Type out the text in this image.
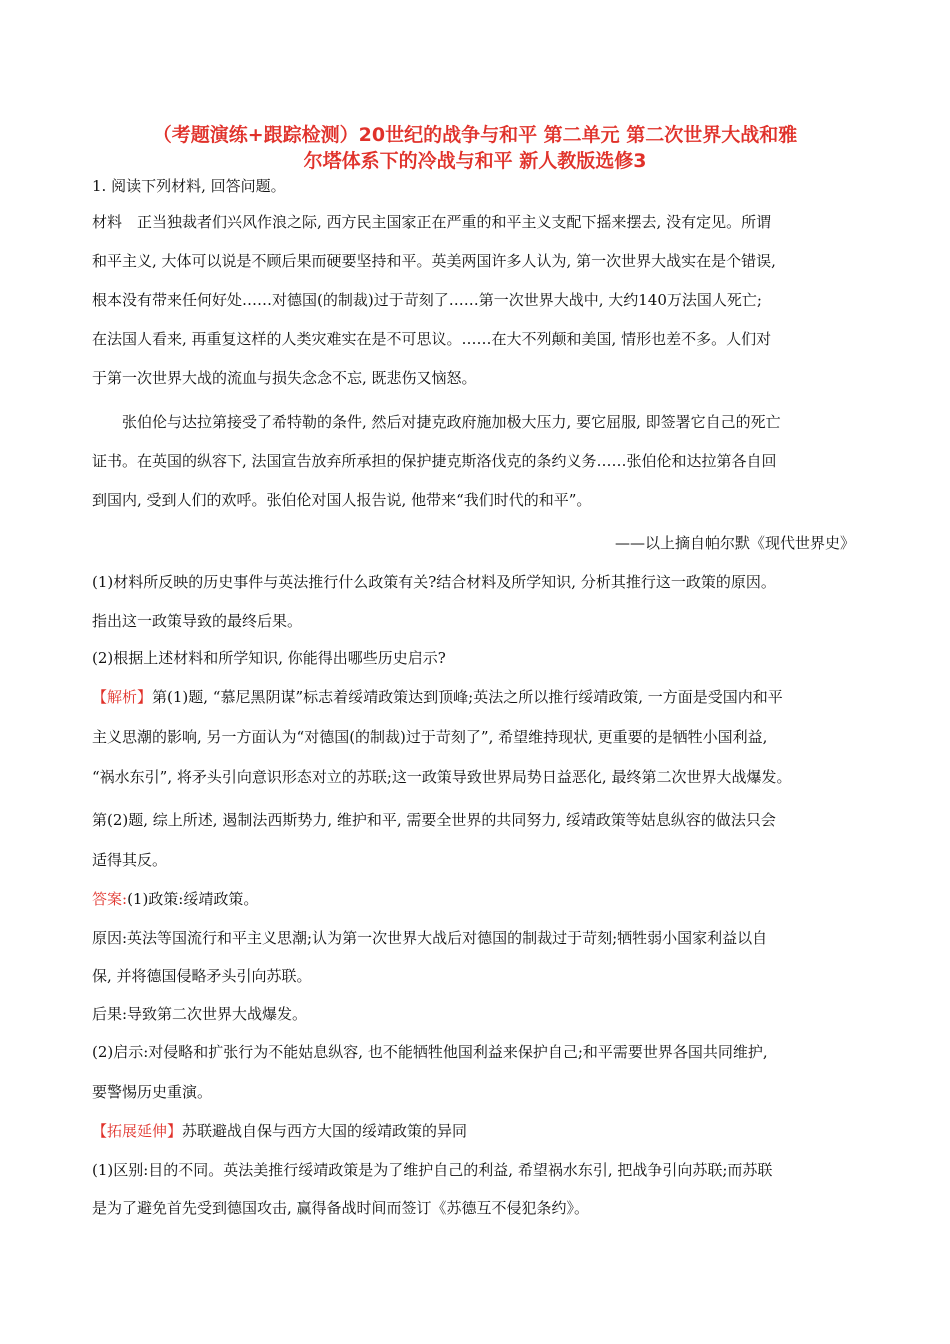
（考题演练+跟踪检测）20世纪的战争与和平 第二单元 第二次世界大战和雅
尔塔体系下的冷战与和平 新人教版选修3
1. 阅读下列材料, 回答问题。
材料　正当独裁者们兴风作浪之际, 西方民主国家正在严重的和平主义支配下摇来摆去, 没有定见。所谓
和平主义, 大体可以说是不顾后果而硬要坚持和平。英美两国许多人认为, 第一次世界大战实在是个错误,
根本没有带来任何好处……对德国(的制裁)过于苛刻了……第一次世界大战中, 大约140万法国人死亡;
在法国人看来, 再重复这样的人类灾难实在是不可思议。……在大不列颠和美国, 情形也差不多。人们对
于第一次世界大战的流血与损失念念不忘, 既悲伤又恼怒。
张伯伦与达拉第接受了希特勒的条件, 然后对捷克政府施加极大压力, 要它屈服, 即签署它自己的死亡
证书。在英国的纵容下, 法国宣告放弃所承担的保护捷克斯洛伐克的条约义务……张伯伦和达拉第各自回
到国内, 受到人们的欢呼。张伯伦对国人报告说, 他带来“我们时代的和平”。
——以上摘自帕尔默《现代世界史》
(1)材料所反映的历史事件与英法推行什么政策有关?结合材料及所学知识, 分析其推行这一政策的原因。
指出这一政策导致的最终后果。
(2)根据上述材料和所学知识, 你能得出哪些历史启示?
【解析】第(1)题, “慕尼黑阴谋”标志着绥靖政策达到顶峰;英法之所以推行绥靖政策, 一方面是受国内和平
主义思潮的影响, 另一方面认为“对德国(的制裁)过于苛刻了”, 希望维持现状, 更重要的是牺牲小国利益,
“祸水东引”, 将矛头引向意识形态对立的苏联;这一政策导致世界局势日益恶化, 最终第二次世界大战爆发。
第(2)题, 综上所述, 遏制法西斯势力, 维护和平, 需要全世界的共同努力, 绥靖政策等姑息纵容的做法只会
适得其反。
答案:(1)政策:绥靖政策。
原因:英法等国流行和平主义思潮;认为第一次世界大战后对德国的制裁过于苛刻;牺牲弱小国家利益以自
保, 并将德国侵略矛头引向苏联。
后果:导致第二次世界大战爆发。
(2)启示:对侵略和扩张行为不能姑息纵容, 也不能牺牲他国利益来保护自己;和平需要世界各国共同维护,
要警惕历史重演。
【拓展延伸】苏联避战自保与西方大国的绥靖政策的异同
(1)区别:目的不同。英法美推行绥靖政策是为了维护自己的利益, 希望祸水东引, 把战争引向苏联;而苏联
是为了避免首先受到德国攻击, 赢得备战时间而签订《苏德互不侵犯条约》。
